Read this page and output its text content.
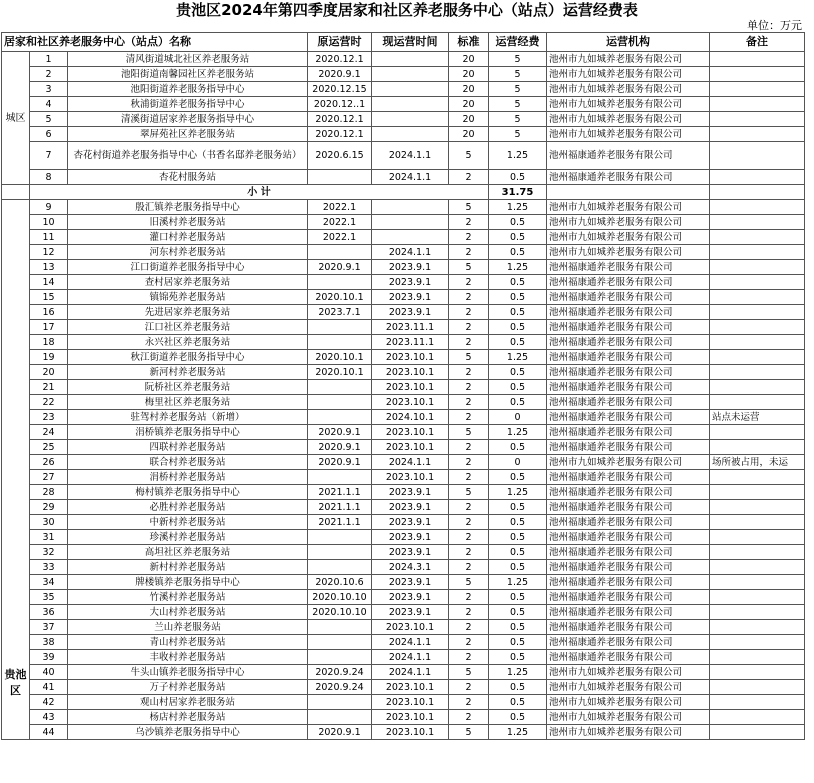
贵池区2024年第四季度居家和社区养老服务中心（站点）运营经费表
单位：万元
居家和社区养老服务中心（站点）名称			原运营时	现运营时间	标准	运营经费	运营机构	备注
城区	1	清风街道城北社区养老服务站	2020.12.1		20	5	池州市九如城养老服务有限公司	
	2	池阳街道南馨园社区养老服务站	2020.9.1		20	5	池州市九如城养老服务有限公司	
	3	池阳街道养老服务指导中心	2020.12.15		20	5	池州市九如城养老服务有限公司	
	4	秋浦街道养老服务指导中心	2020.12..1		20	5	池州市九如城养老服务有限公司	
	5	清溪街道居家养老服务指导中心	2020.12.1		20	5	池州市九如城养老服务有限公司	
	6	翠屏苑社区养老服务站	2020.12.1		20	5	池州市九如城养老服务有限公司	
	7	杏花村街道养老服务指导中心（书香名邸养老服务站）	2020.6.15	2024.1.1	5	1.25	池州福康通养老服务有限公司	
	8	杏花村服务站		2024.1.1	2	0.5	池州福康通养老服务有限公司	
	小 计					31.75		
贵池区	9	殷汇镇养老服务指导中心	2022.1		5	1.25	池州市九如城养老服务有限公司	
	10	旧溪村养老服务站	2022.1		2	0.5	池州市九如城养老服务有限公司	
	11	灌口村养老服务站	2022.1		2	0.5	池州市九如城养老服务有限公司	
	12	河东村养老服务站		2024.1.1	2	0.5	池州市九如城养老服务有限公司	
	13	江口街道养老服务指导中心	2020.9.1	2023.9.1	5	1.25	池州福康通养老服务有限公司	
	14	查村居家养老服务站		2023.9.1	2	0.5	池州福康通养老服务有限公司	
	15	镇锦苑养老服务站	2020.10.1	2023.9.1	2	0.5	池州福康通养老服务有限公司	
	16	先进居家养老服务站	2023.7.1	2023.9.1	2	0.5	池州福康通养老服务有限公司	
	17	江口社区养老服务站		2023.11.1	2	0.5	池州福康通养老服务有限公司	
	18	永兴社区养老服务站		2023.11.1	2	0.5	池州福康通养老服务有限公司	
	19	秋江街道养老服务指导中心	2020.10.1	2023.10.1	5	1.25	池州福康通养老服务有限公司	
	20	新河村养老服务站	2020.10.1	2023.10.1	2	0.5	池州福康通养老服务有限公司	
	21	阮桥社区养老服务站		2023.10.1	2	0.5	池州福康通养老服务有限公司	
	22	梅里社区养老服务站		2023.10.1	2	0.5	池州福康通养老服务有限公司	
	23	驻驾村养老服务站（新增）		2024.10.1	2	0	池州福康通养老服务有限公司	站点未运营
	24	涓桥镇养老服务指导中心	2020.9.1	2023.10.1	5	1.25	池州福康通养老服务有限公司	
	25	四联村养老服务站	2020.9.1	2023.10.1	2	0.5	池州福康通养老服务有限公司	
	26	联合村养老服务站	2020.9.1	2024.1.1	2	0	池州市九如城养老服务有限公司	场所被占用，未运
	27	涓桥村养老服务站		2023.10.1	2	0.5	池州福康通养老服务有限公司	
	28	梅村镇养老服务指导中心	2021.1.1	2023.9.1	5	1.25	池州福康通养老服务有限公司	
	29	必胜村养老服务站	2021.1.1	2023.9.1	2	0.5	池州福康通养老服务有限公司	
	30	中新村养老服务站	2021.1.1	2023.9.1	2	0.5	池州福康通养老服务有限公司	
	31	珍溪村养老服务站		2023.9.1	2	0.5	池州福康通养老服务有限公司	
	32	高坦社区养老服务站		2023.9.1	2	0.5	池州福康通养老服务有限公司	
	33	新村村养老服务站		2024.3.1	2	0.5	池州福康通养老服务有限公司	
	34	牌楼镇养老服务指导中心	2020.10.6	2023.9.1	5	1.25	池州福康通养老服务有限公司	
	35	竹溪村养老服务站	2020.10.10	2023.9.1	2	0.5	池州福康通养老服务有限公司	
	36	大山村养老服务站	2020.10.10	2023.9.1	2	0.5	池州福康通养老服务有限公司	
	37	兰山养老服务站		2023.10.1	2	0.5	池州福康通养老服务有限公司	
	38	青山村养老服务站		2024.1.1	2	0.5	池州福康通养老服务有限公司	
	39	丰收村养老服务站		2024.1.1	2	0.5	池州福康通养老服务有限公司	
	40	牛头山镇养老服务指导中心	2020.9.24	2024.1.1	5	1.25	池州市九如城养老服务有限公司	
	41	万子村养老服务站	2020.9.24	2023.10.1	2	0.5	池州市九如城养老服务有限公司	
	42	观山村居家养老服务站		2023.10.1	2	0.5	池州市九如城养老服务有限公司	
	43	杨店村养老服务站		2023.10.1	2	0.5	池州市九如城养老服务有限公司	
	44	乌沙镇养老服务指导中心	2020.9.1	2023.10.1	5	1.25	池州市九如城养老服务有限公司	
